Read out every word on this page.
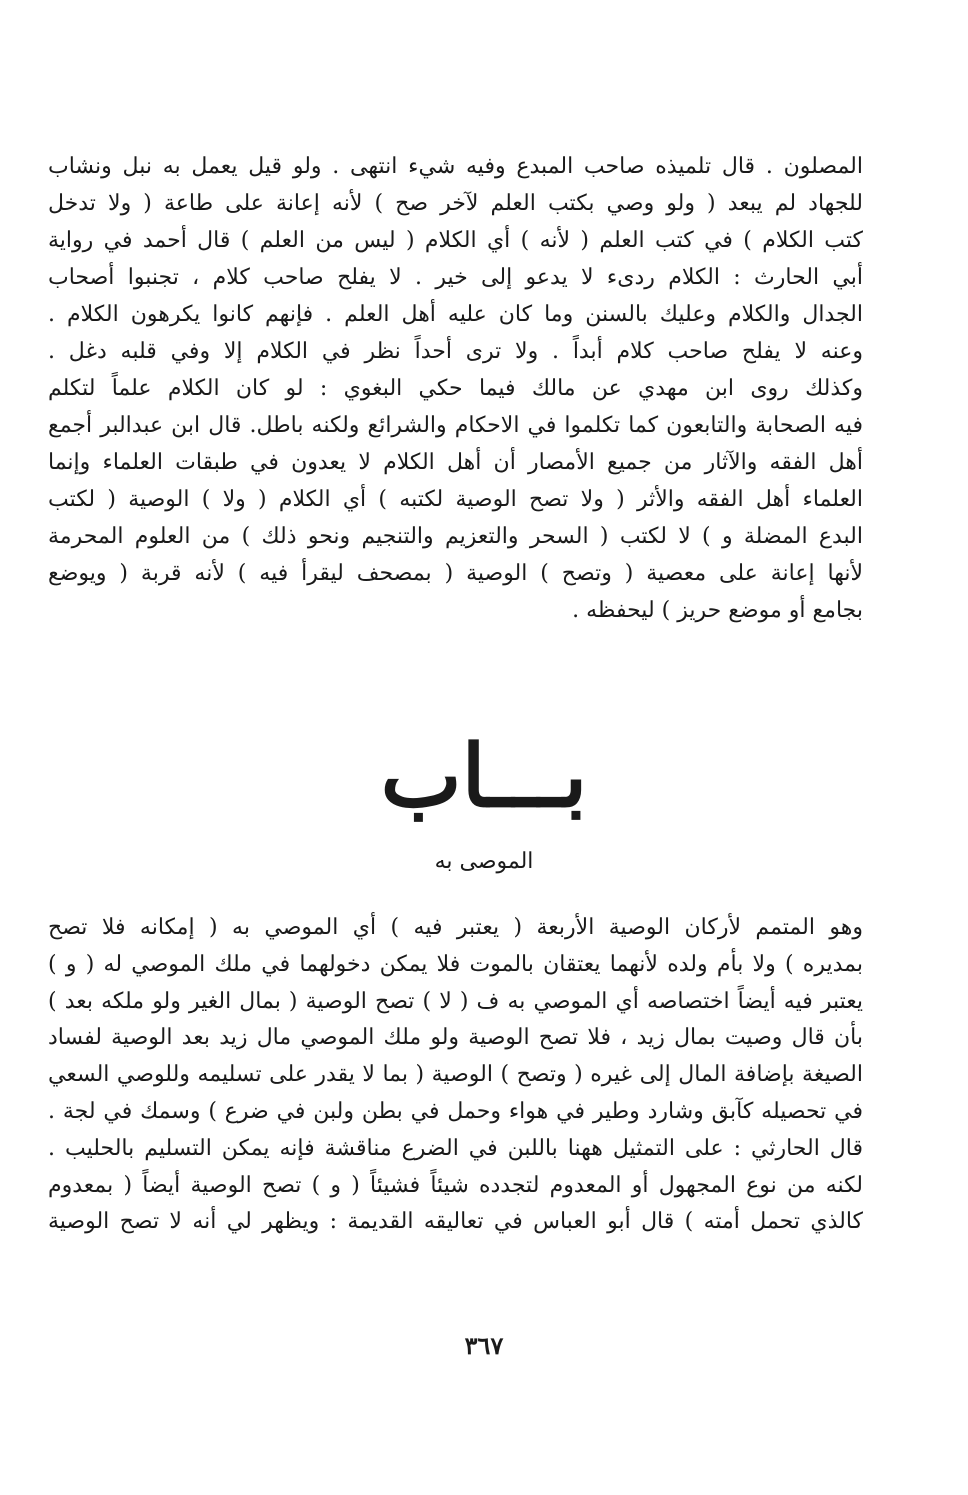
المصلون . قال تلميذه صاحب المبدع وفيه شيء انتهى . ولو قيل يعمل به نبل ونشاب
للجهاد لم يبعد ( ولو وصي بكتب العلم لآخر صح ) لأنه إعانة على طاعة ( ولا تدخل
كتب الكلام ) في كتب العلم ( لأنه ) أي الكلام ( ليس من العلم ) قال أحمد في رواية
أبي الحارث : الكلام ردىء لا يدعو إلى خير . لا يفلح صاحب كلام ، تجنبوا أصحاب
الجدال والكلام وعليك بالسنن وما كان عليه أهل العلم . فإنهم كانوا يكرهون الكلام .
وعنه لا يفلح صاحب كلام أبداً . ولا ترى أحداً نظر في الكلام إلا وفي قلبه دغل .
وكذلك روى ابن مهدي عن مالك فيما حكي البغوي : لو كان الكلام علماً لتكلم
فيه الصحابة والتابعون كما تكلموا في الاحكام والشرائع ولكنه باطل. قال ابن عبدالبر أجمع
أهل الفقه والآثار من جميع الأمصار أن أهل الكلام لا يعدون في طبقات العلماء وإنما
العلماء أهل الفقه والأثر ( ولا تصح الوصية لكتبه ) أي الكلام ( ولا ) الوصية ( لكتب
البدع المضلة و ) لا لكتب ( السحر والتعزيم والتنجيم ونحو ذلك ) من العلوم المحرمة
لأنها إعانة على معصية ( وتصح ) الوصية ( بمصحف ليقرأ فيه ) لأنه قربة ( ويوضع
بجامع أو موضع حريز ) ليحفظه .
بـــاب
الموصى به
وهو المتمم لأركان الوصية الأربعة ( يعتبر فيه ) أي الموصي به ( إمكانه فلا تصح
بمديره ) ولا بأم ولده لأنهما يعتقان بالموت فلا يمكن دخولهما في ملك الموصي له ( و )
يعتبر فيه أيضاً اختصاصه أي الموصي به ف ( لا ) تصح الوصية ( بمال الغير ولو ملكه بعد )
بأن قال وصيت بمال زيد ، فلا تصح الوصية ولو ملك الموصي مال زيد بعد الوصية لفساد
الصيغة بإضافة المال إلى غيره ( وتصح ) الوصية ( بما لا يقدر على تسليمه وللوصي السعي
في تحصيله كآبق وشارد وطير في هواء وحمل في بطن ولبن في ضرع ) وسمك في لجة .
قال الحارثي : على التمثيل ههنا باللبن في الضرع مناقشة فإنه يمكن التسليم بالحليب .
لكنه من نوع المجهول أو المعدوم لتجدده شيئاً فشيئاً ( و ) تصح الوصية أيضاً ( بمعدوم
كالذي تحمل أمته ) قال أبو العباس في تعاليقه القديمة : ويظهر لي أنه لا تصح الوصية
٣٦٧
